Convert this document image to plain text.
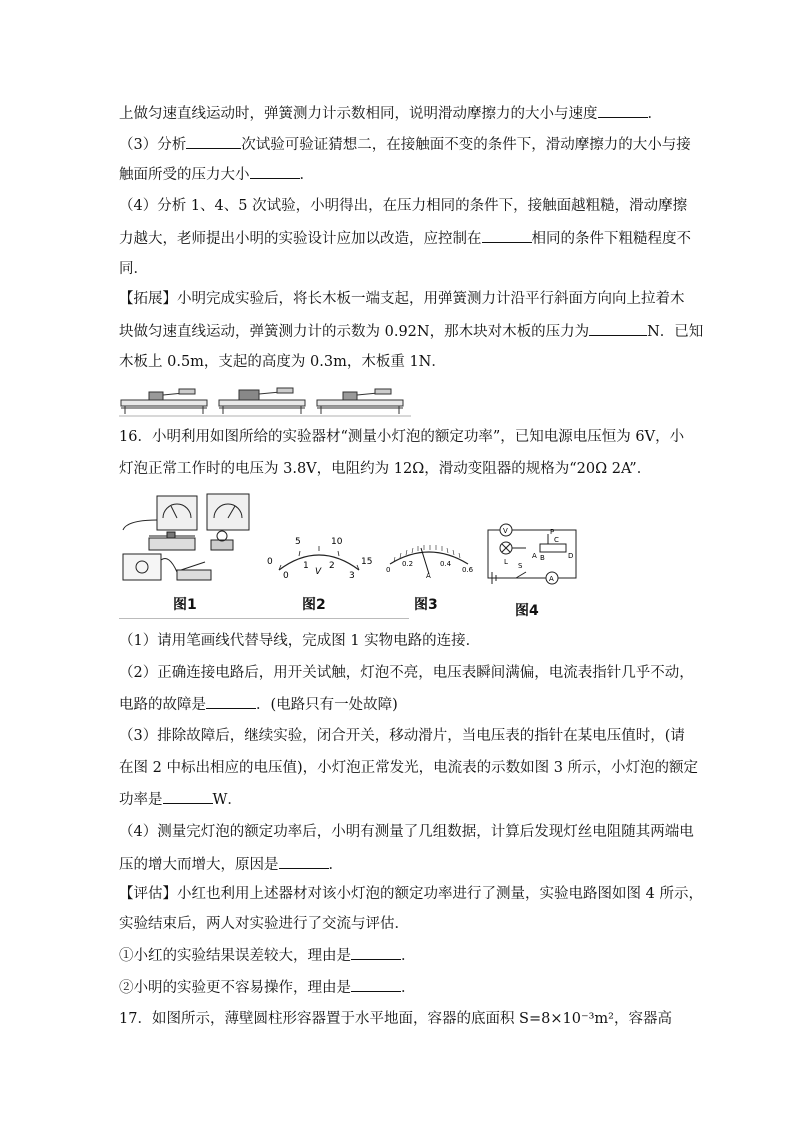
上做匀速直线运动时，弹簧测力计示数相同，说明滑动摩擦力的大小与速度	．
（3）分析	次试验可验证猜想二，在接触面不变的条件下，滑动摩擦力的大小与接
触面所受的压力大小	．
（4）分析 1、4、5 次试验，小明得出，在压力相同的条件下，接触面越粗糙，滑动摩擦
力越大，老师提出小明的实验设计应加以改造，应控制在	相同的条件下粗糙程度不
同．
【拓展】小明完成实验后，将长木板一端支起，用弹簧测力计沿平行斜面方向向上拉着木
块做匀速直线运动，弹簧测力计的示数为 0.92N，那木块对木板的压力为	N．已知
木板上 0.5m，支起的高度为 0.3m，木板重 1N．
16．小明利用如图所给的实验器材“测量小灯泡的额定功率”，已知电源电压恒为 6V，小
灯泡正常工作时的电压为 3.8V，电阻约为 12Ω，滑动变阻器的规格为“20Ω 2A”．
图1
0
5	10
15
0
1 2
3
V
图2
0
0.2	0.4
0.6
A
图3
V	P
A B
C
D
L S
A
图4
（1）请用笔画线代替导线，完成图 1 实物电路的连接．
（2）正确连接电路后，用开关试触，灯泡不亮，电压表瞬间满偏，电流表指针几乎不动，
电路的故障是	．(电路只有一处故障)
（3）排除故障后，继续实验，闭合开关，移动滑片，当电压表的指针在某电压值时，(请
在图 2 中标出相应的电压值)，小灯泡正常发光，电流表的示数如图 3 所示，小灯泡的额定
功率是	W．
（4）测量完灯泡的额定功率后，小明有测量了几组数据，计算后发现灯丝电阻随其两端电
压的增大而增大，原因是	．
【评估】小红也利用上述器材对该小灯泡的额定功率进行了测量，实验电路图如图 4 所示，
实验结束后，两人对实验进行了交流与评估．
①小红的实验结果误差较大，理由是	．
②小明的实验更不容易操作，理由是	．
17．如图所示，薄壁圆柱形容器置于水平地面，容器的底面积 S=8×10⁻³m²，容器高
